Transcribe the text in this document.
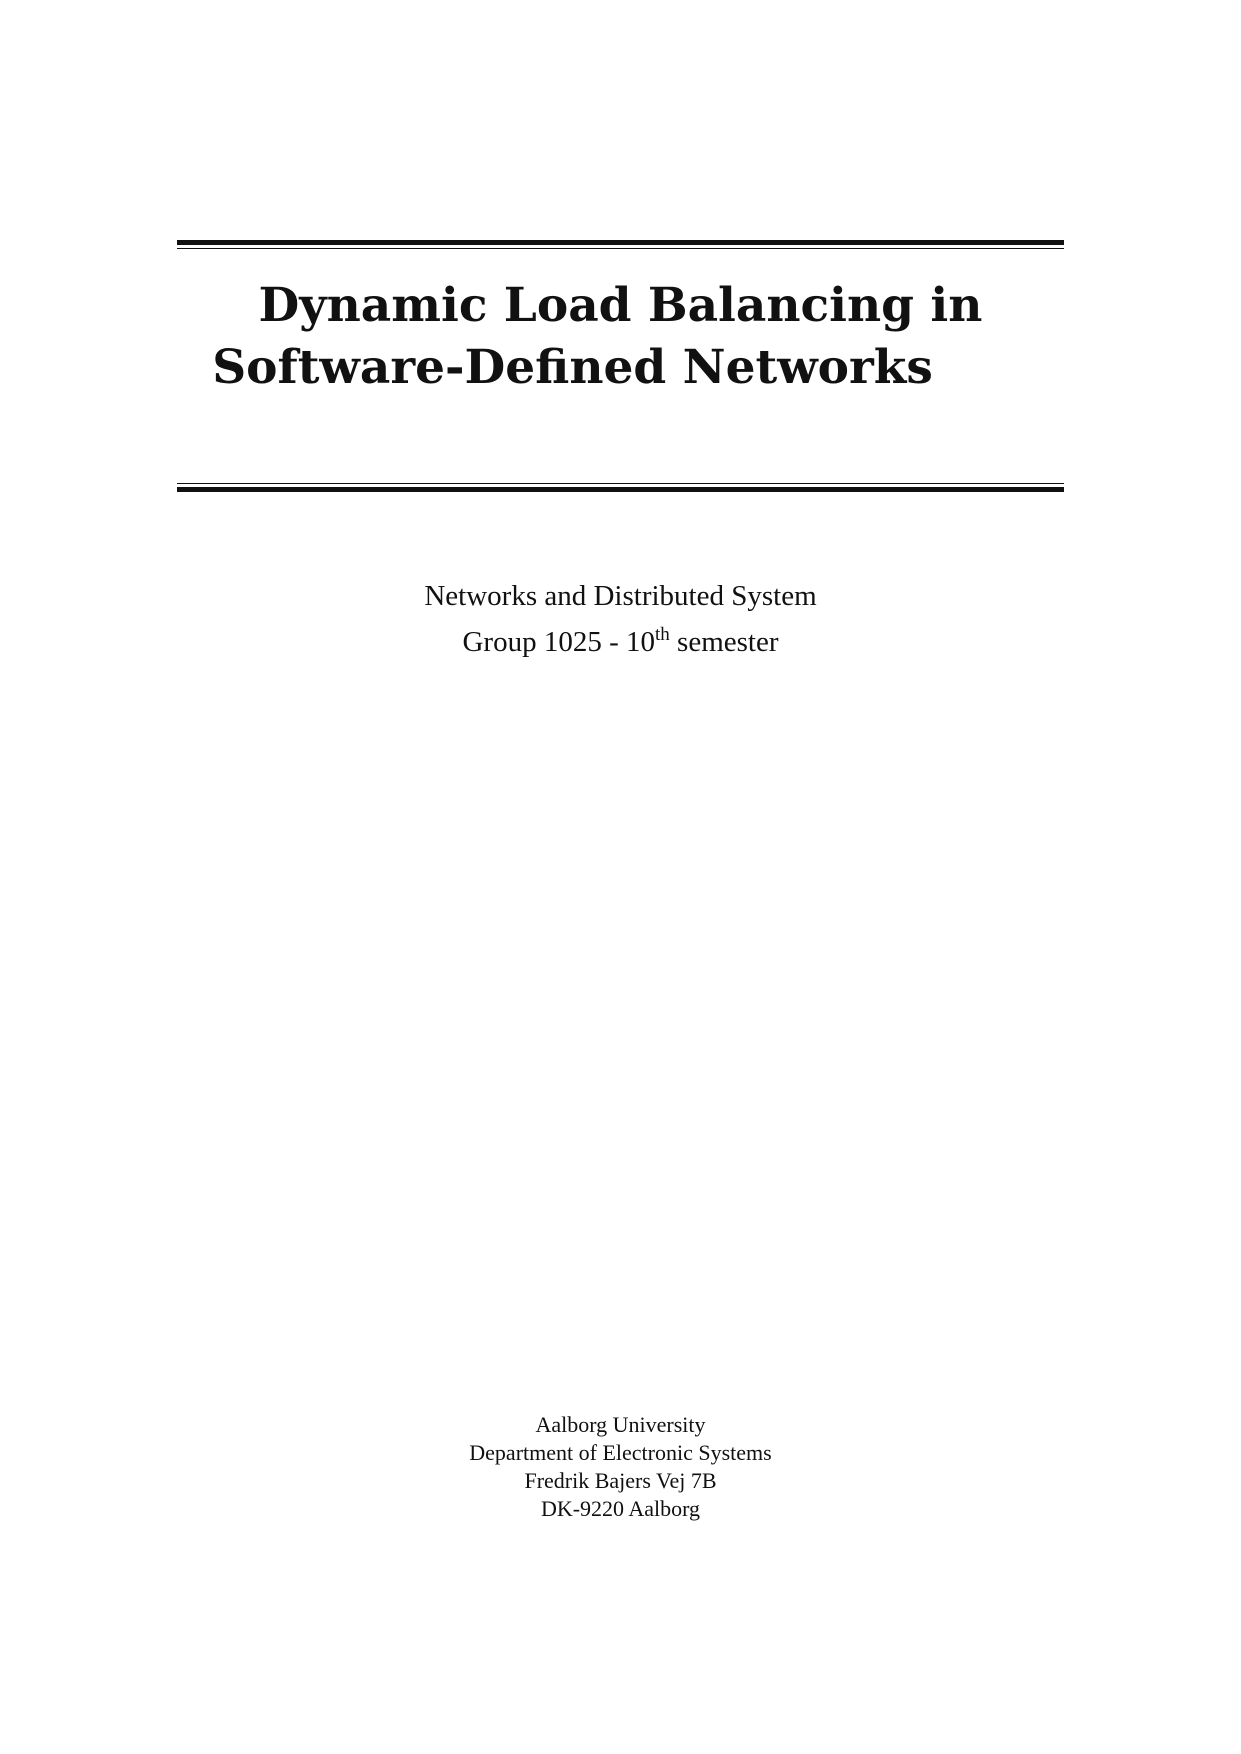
Dynamic Load Balancing in
Software-Defined Networks
Networks and Distributed System
Group 1025 - 10th semester
Aalborg University
Department of Electronic Systems
Fredrik Bajers Vej 7B
DK-9220 Aalborg
